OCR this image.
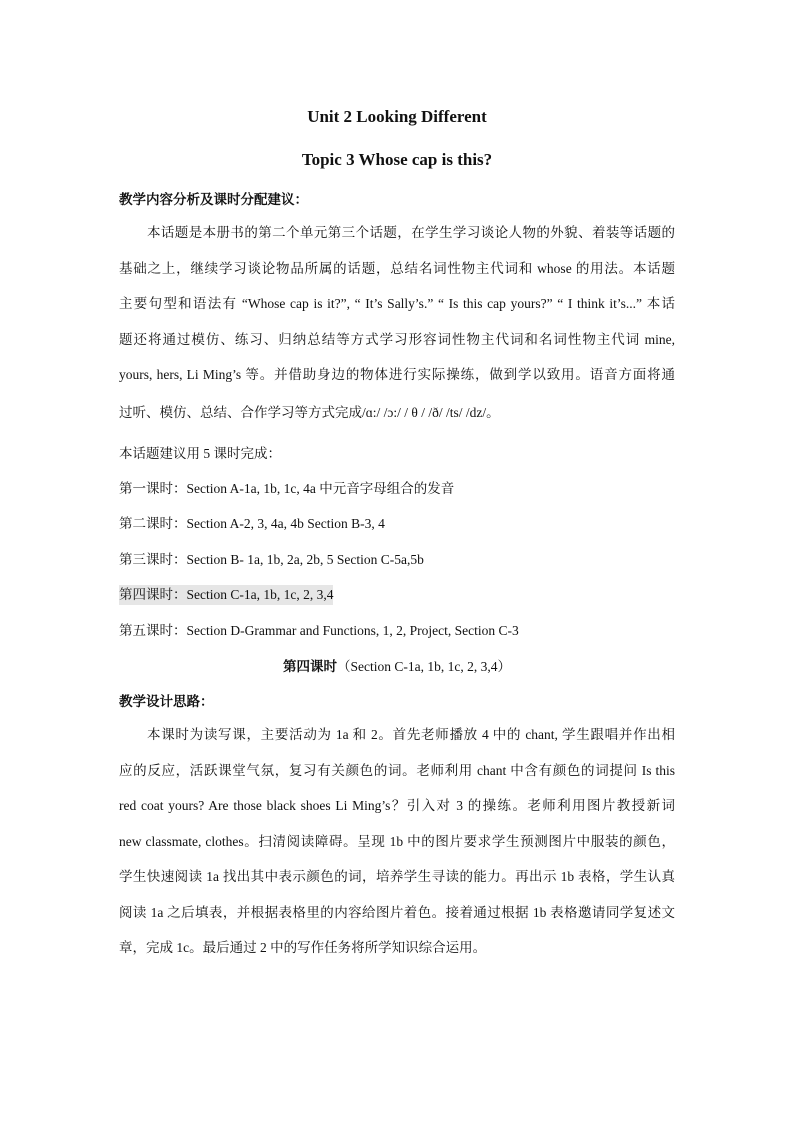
Unit 2 Looking Different
Topic 3 Whose cap is this?
教学内容分析及课时分配建议：
本话题是本册书的第二个单元第三个话题，在学生学习谈论人物的外貌、着装等话题的
基础之上，继续学习谈论物品所属的话题，总结名词性物主代词和 whose 的用法。本话题
主要句型和语法有 “Whose cap is it?”, “ It’s Sally’s.” “ Is this cap yours?” “ I think it’s...” 本话
题还将通过模仿、练习、归纳总结等方式学习形容词性物主代词和名词性物主代词 mine,
yours, hers, Li Ming’s 等。并借助身边的物体进行实际操练，做到学以致用。语音方面将通
过听、模仿、总结、合作学习等方式完成/ɑ:/ /ɔ:/ / θ / /ð/ /ts/ /dz/。
本话题建议用 5 课时完成：
第一课时：Section A-1a, 1b, 1c, 4a 中元音字母组合的发音
第二课时：Section A-2, 3, 4a, 4b Section B-3, 4
第三课时：Section B- 1a, 1b, 2a, 2b, 5 Section C-5a,5b
第四课时：Section C-1a, 1b, 1c, 2, 3,4
第五课时：Section D-Grammar and Functions, 1, 2, Project, Section C-3
第四课时（Section C-1a, 1b, 1c, 2, 3,4）
教学设计思路：
本课时为读写课，主要活动为 1a 和 2。首先老师播放 4 中的 chant, 学生跟唱并作出相
应的反应，活跃课堂气氛，复习有关颜色的词。老师利用 chant 中含有颜色的词提问 Is this
red coat yours? Are those black shoes Li Ming’s？引入对 3 的操练。老师利用图片教授新词
new classmate, clothes。扫清阅读障碍。呈现 1b 中的图片要求学生预测图片中服装的颜色，
学生快速阅读 1a 找出其中表示颜色的词，培养学生寻读的能力。再出示 1b 表格，学生认真
阅读 1a 之后填表，并根据表格里的内容给图片着色。接着通过根据 1b 表格邀请同学复述文
章，完成 1c。最后通过 2 中的写作任务将所学知识综合运用。
